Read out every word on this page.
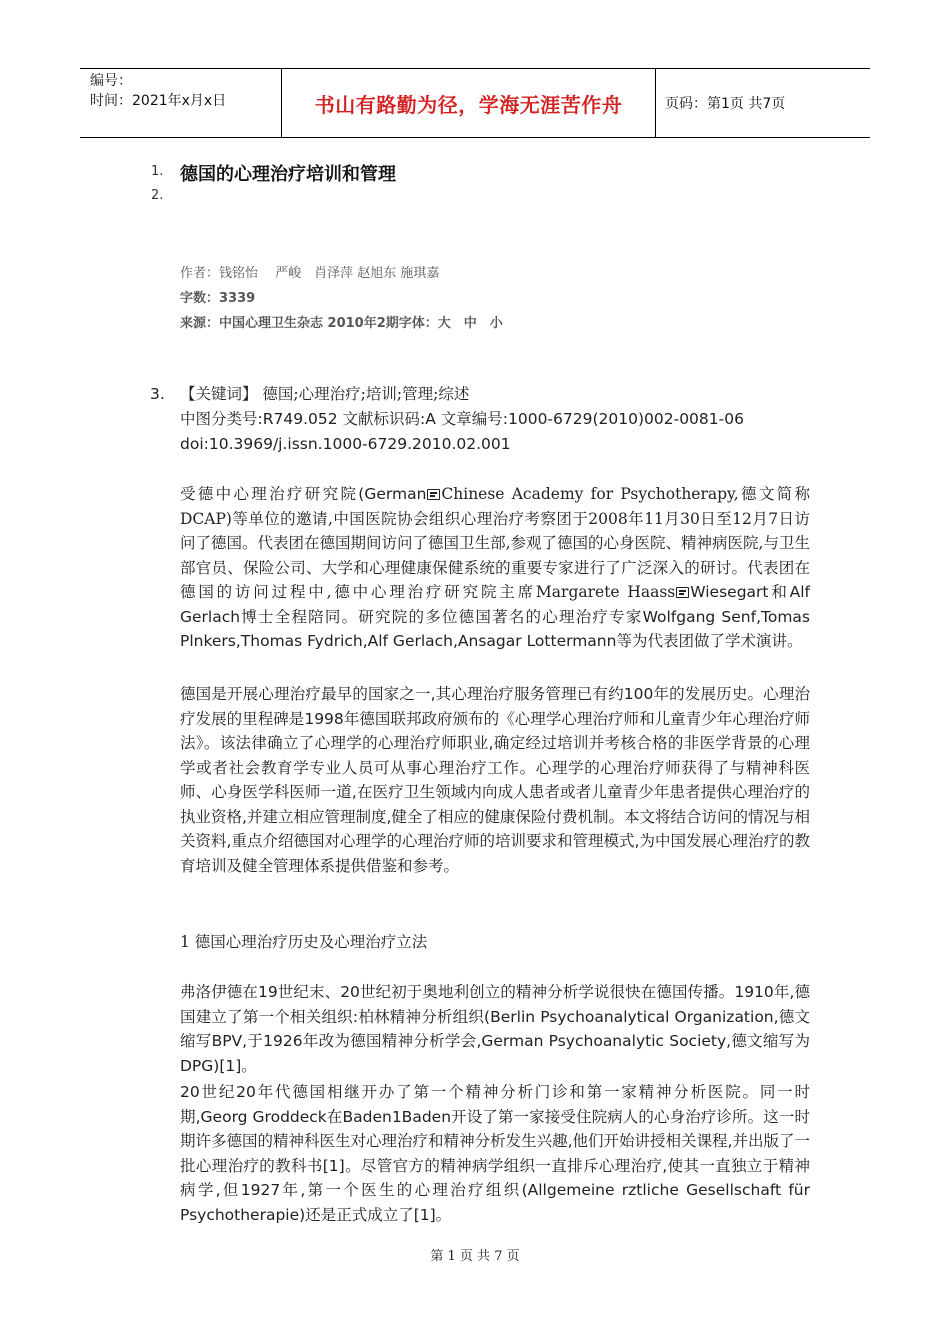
编号：
时间：2021年x月x日	书山有路勤为径，学海无涯苦作舟	页码：第1页 共7页
1. 德国的心理治疗培训和管理
2.
作者：钱铭怡　 严峻　肖泽萍 赵旭东 施琪嘉
字数：3339
来源：中国心理卫生杂志 2010年2期字体：大　中　小
3. 【关键词】 德国;心理治疗;培训;管理;综述
中图分类号:R749.052 文献标识码:A 文章编号:1000-6729(2010)002-0081-06
doi:10.3969/j.issn.1000-6729.2010.02.001
受德中心理治疗研究院(German Chinese Academy for Psychotherapy,德文简称DCAP)等单位的邀请,中国医院协会组织心理治疗考察团于2008年11月30日至12月7日访问了德国。代表团在德国期间访问了德国卫生部,参观了德国的心身医院、精神病医院,与卫生部官员、保险公司、大学和心理健康保健系统的重要专家进行了广泛深入的研讨。代表团在德国的访问过程中,德中心理治疗研究院主席Margarete Haass Wiesegart和Alf Gerlach博士全程陪同。研究院的多位德国著名的心理治疗专家Wolfgang Senf,Tomas Plnkers,Thomas Fydrich,Alf Gerlach,Ansagar Lottermann等为代表团做了学术演讲。
德国是开展心理治疗最早的国家之一,其心理治疗服务管理已有约100年的发展历史。心理治疗发展的里程碑是1998年德国联邦政府颁布的《心理学心理治疗师和儿童青少年心理治疗师法》。该法律确立了心理学的心理治疗师职业,确定经过培训并考核合格的非医学背景的心理学或者社会教育学专业人员可从事心理治疗工作。心理学的心理治疗师获得了与精神科医师、心身医学科医师一道,在医疗卫生领域内向成人患者或者儿童青少年患者提供心理治疗的执业资格,并建立相应管理制度,健全了相应的健康保险付费机制。本文将结合访问的情况与相关资料,重点介绍德国对心理学的心理治疗师的培训要求和管理模式,为中国发展心理治疗的教育培训及健全管理体系提供借鉴和参考。
1 德国心理治疗历史及心理治疗立法
弗洛伊德在19世纪末、20世纪初于奥地利创立的精神分析学说很快在德国传播。1910年,德国建立了第一个相关组织:柏林精神分析组织(Berlin Psychoanalytical Organization,德文缩写BPV,于1926年改为德国精神分析学会,German Psychoanalytic Society,德文缩写为DPG)[1]。
20世纪20年代德国相继开办了第一个精神分析门诊和第一家精神分析医院。同一时期,Georg Groddeck在Baden1Baden开设了第一家接受住院病人的心身治疗诊所。这一时期许多德国的精神科医生对心理治疗和精神分析发生兴趣,他们开始讲授相关课程,并出版了一批心理治疗的教科书[1]。尽管官方的精神病学组织一直排斥心理治疗,使其一直独立于精神病学,但1927年,第一个医生的心理治疗组织(Allgemeine rztliche Gesellschaft für Psychotherapie)还是正式成立了[1]。
第 1 页 共 7 页
